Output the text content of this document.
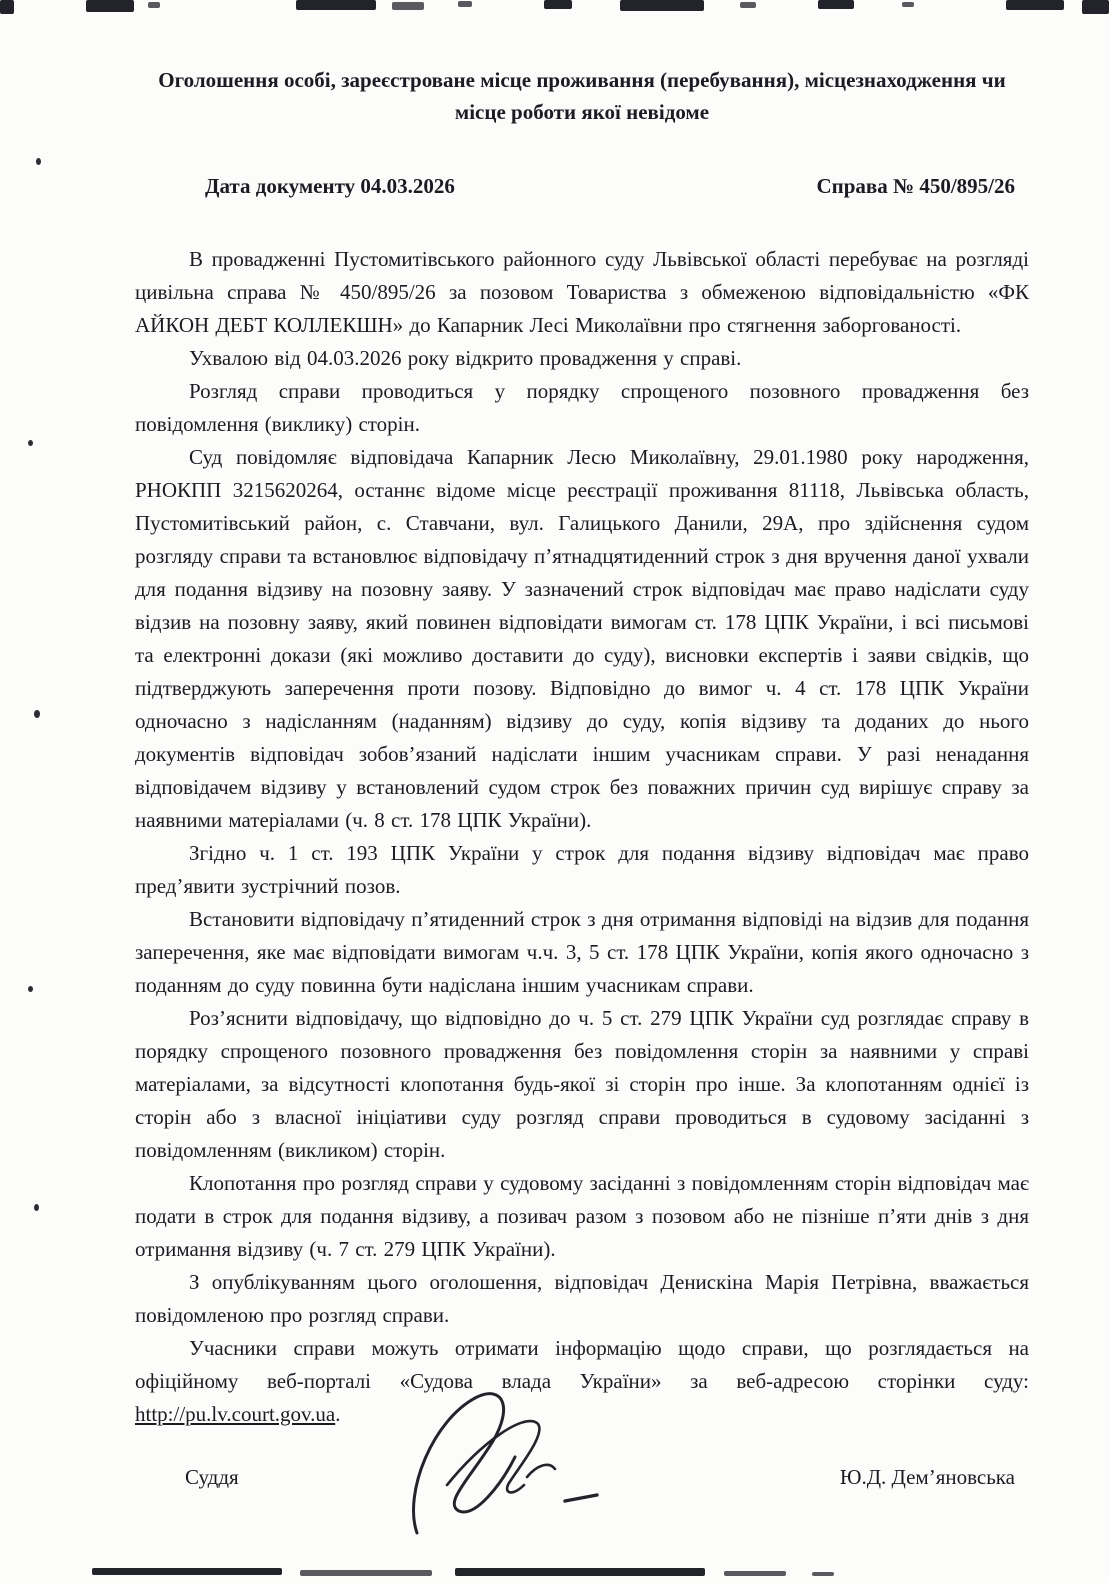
Оголошення особі, зареєстроване місце проживання (перебування), місцезнаходження чи місце роботи якої невідоме
Дата документу 04.03.2026	Справа № 450/895/26

В провадженні Пустомитівського районного суду Львівської області перебуває на розгляді цивільна справа № 450/895/26 за позовом Товариства з обмеженою відповідальністю «ФК АЙКОН ДЕБТ КОЛЛЕКШН» до Капарник Лесі Миколаївни про стягнення заборгованості.

Ухвалою від 04.03.2026 року відкрито провадження у справі.

Розгляд справи проводиться у порядку спрощеного позовного провадження без повідомлення (виклику) сторін.

Суд повідомляє відповідача Капарник Лесю Миколаївну, 29.01.1980 року народження, РНОКПП 3215620264, останнє відоме місце реєстрації проживання 81118, Львівська область, Пустомитівський район, с. Ставчани, вул. Галицького Данили, 29А, про здійснення судом розгляду справи та встановлює відповідачу п’ятнадцятиденний строк з дня вручення даної ухвали для подання відзиву на позовну заяву. У зазначений строк відповідач має право надіслати суду відзив на позовну заяву, який повинен відповідати вимогам ст. 178 ЦПК України, і всі письмові та електронні докази (які можливо доставити до суду), висновки експертів і заяви свідків, що підтверджують заперечення проти позову. Відповідно до вимог ч. 4 ст. 178 ЦПК України одночасно з надісланням (наданням) відзиву до суду, копія відзиву та доданих до нього документів відповідач зобов’язаний надіслати іншим учасникам справи. У разі ненадання відповідачем відзиву у встановлений судом строк без поважних причин суд вирішує справу за наявними матеріалами (ч. 8 ст. 178 ЦПК України).

Згідно ч. 1 ст. 193 ЦПК України у строк для подання відзиву відповідач має право пред’явити зустрічний позов.

Встановити відповідачу п’ятиденний строк з дня отримання відповіді на відзив для подання заперечення, яке має відповідати вимогам ч.ч. 3, 5 ст. 178 ЦПК України, копія якого одночасно з поданням до суду повинна бути надіслана іншим учасникам справи.

Роз’яснити відповідачу, що відповідно до ч. 5 ст. 279 ЦПК України суд розглядає справу в порядку спрощеного позовного провадження без повідомлення сторін за наявними у справі матеріалами, за відсутності клопотання будь-якої зі сторін про інше. За клопотанням однієї із сторін або з власної ініціативи суду розгляд справи проводиться в судовому засіданні з повідомленням (викликом) сторін.

Клопотання про розгляд справи у судовому засіданні з повідомленням сторін відповідач має подати в строк для подання відзиву, а позивач разом з позовом або не пізніше п’яти днів з дня отримання відзиву (ч. 7 ст. 279 ЦПК України).

З опублікуванням цього оголошення, відповідач Денискіна Марія Петрівна, вважається повідомленою про розгляд справи.

Учасники справи можуть отримати інформацію щодо справи, що розглядається на офіційному веб-порталі «Судова влада України» за веб-адресою сторінки суду: http://pu.lv.court.gov.ua.

Суддя	Ю.Д. Дем’яновська
